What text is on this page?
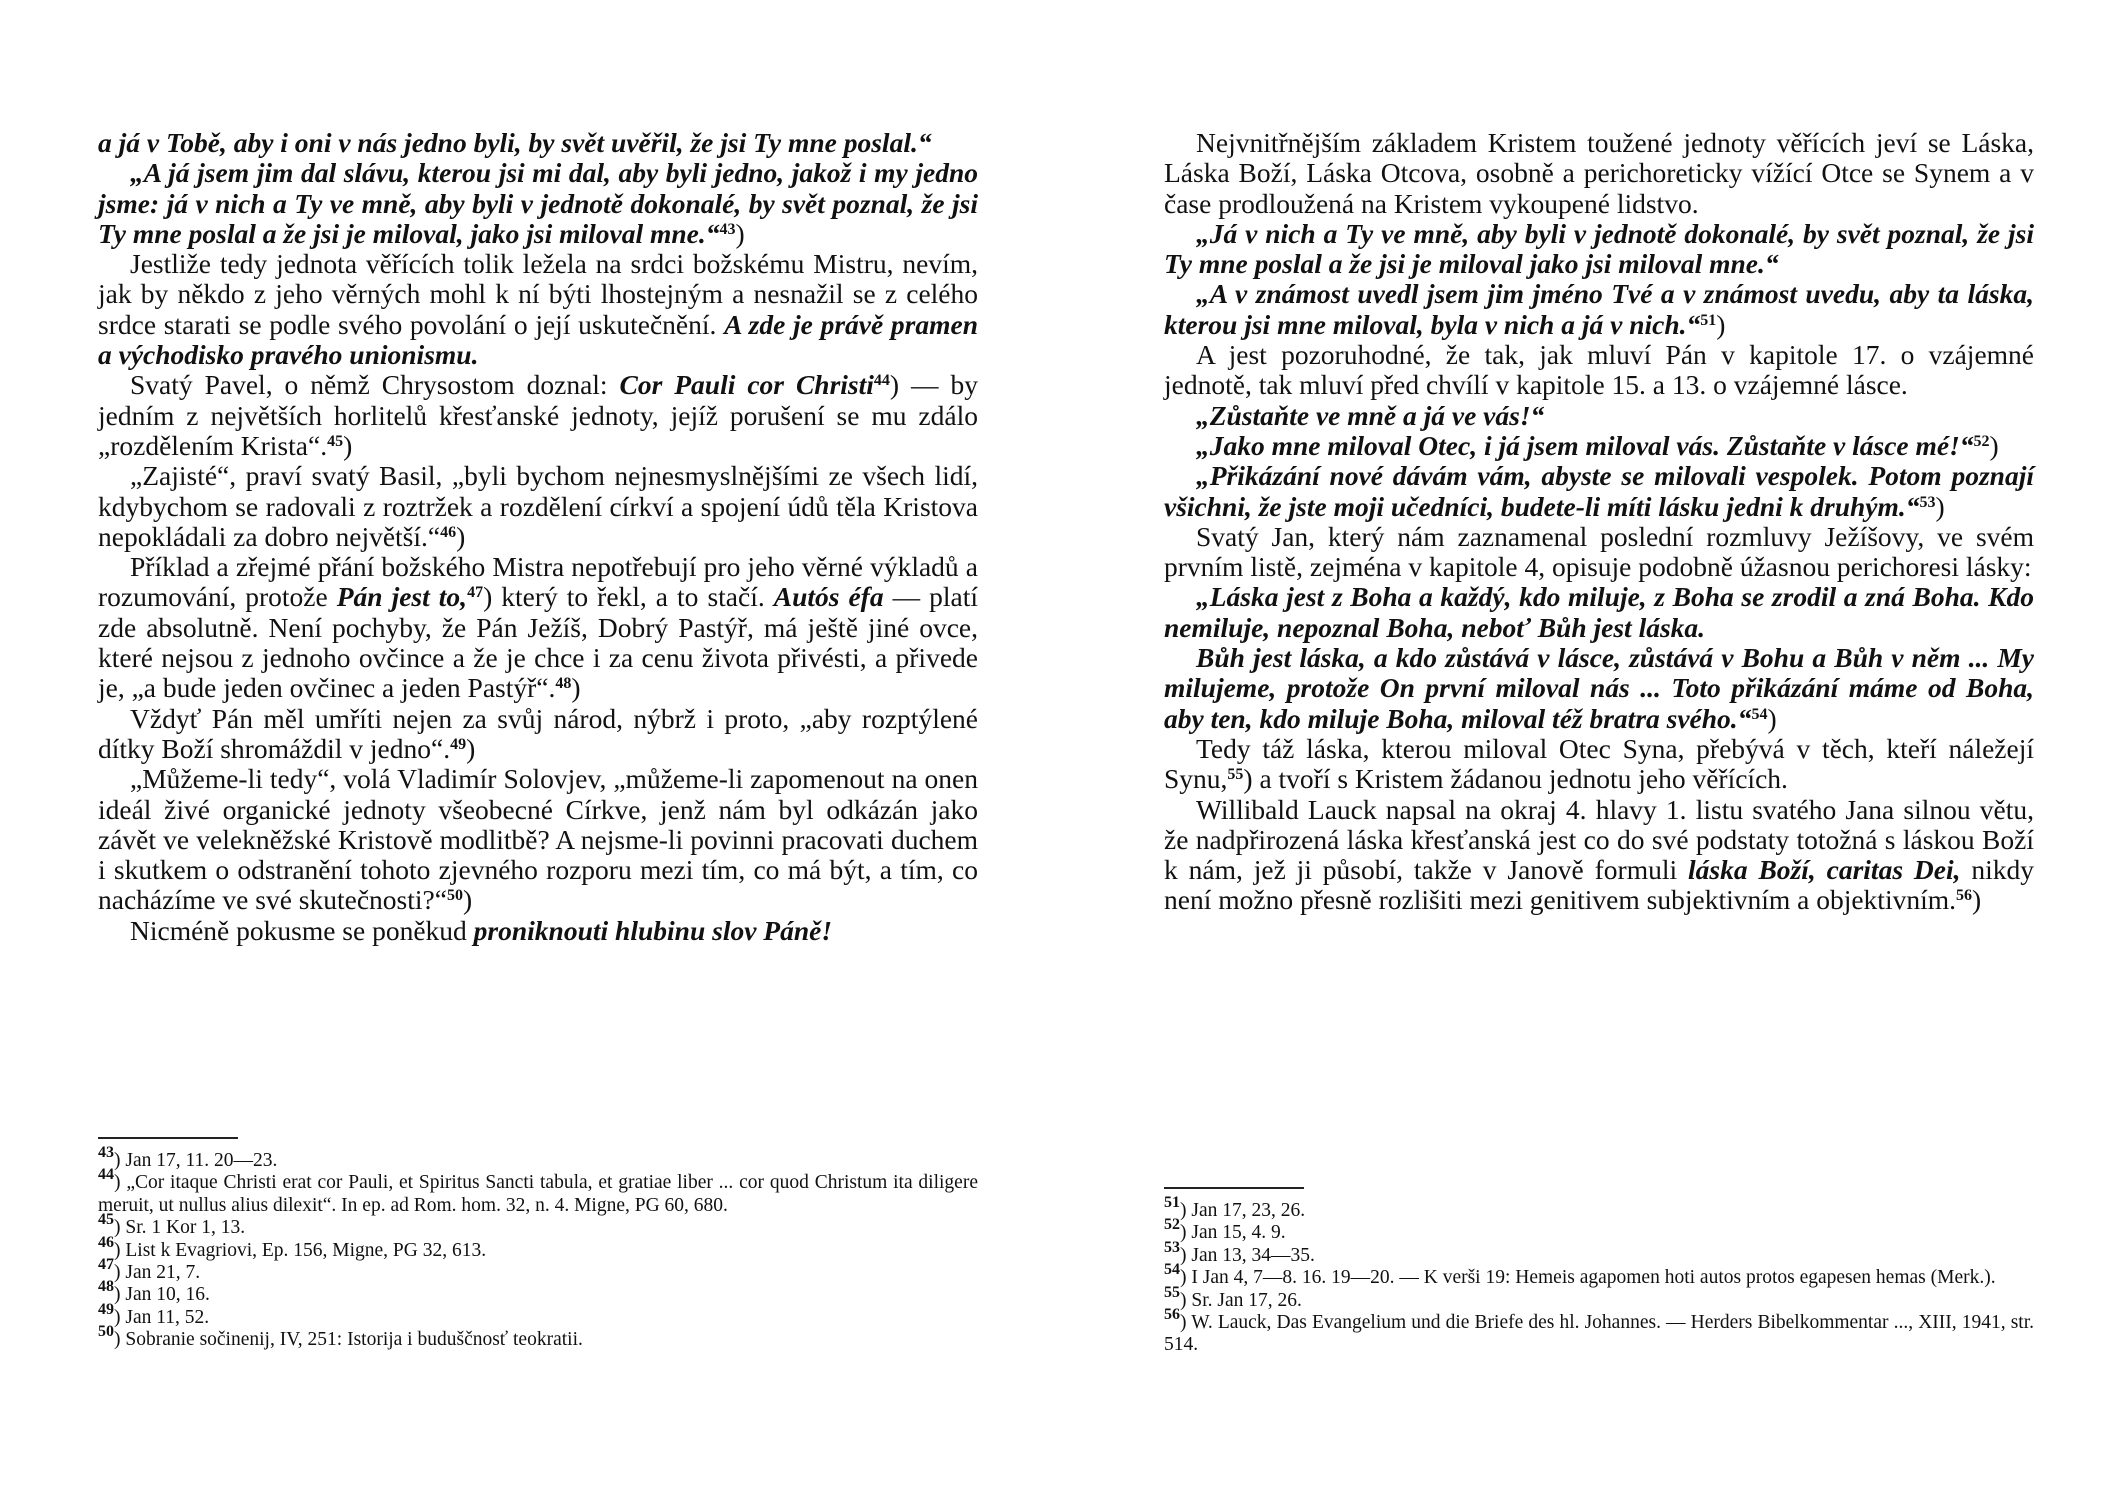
a já v Tobě, aby i oni v nás jedno byli, by svět uvěřil, že jsi Ty mne poslal.“

„A já jsem jim dal slávu, kterou jsi mi dal, aby byli jedno, jakož i my jedno jsme: já v nich a Ty ve mně, aby byli v jednotě dokonalé, by svět poznal, že jsi Ty mne poslal a že jsi je miloval, jako jsi miloval mne.“$^{43}$)

Jestliže tedy jednota věřících tolik ležela na srdci božskému Mistru, nevím, jak by někdo z jeho věrných mohl k ní býti lhostejným a nesnažil se z celého srdce starati se podle svého povolání o její uskutečnění. A zde je právě pramen a východisko pravého unionismu.

Svatý Pavel, o němž Chrysostom doznal: Cor Pauli cor Christi$^{44}$) — by jedním z největších horlitelů křesťanské jednoty, jejíž porušení se mu zdálo „rozdělením Krista“.$^{45}$)

„Zajisté“, praví svatý Basil, „byli bychom nejnesmyslnějšími ze všech lidí, kdybychom se radovali z roztržek a rozdělení církví a spojení údů těla Kristova nepokládali za dobro největší.“$^{46}$)

Příklad a zřejmé přání božského Mistra nepotřebují pro jeho věrné výkladů a rozumování, protože Pán jest to,$^{47}$) který to řekl, a to stačí. Autós éfa — platí zde absolutně. Není pochyby, že Pán Ježíš, Dobrý Pastýř, má ještě jiné ovce, které nejsou z jednoho ovčince a že je chce i za cenu života přivésti, a přivede je, „a bude jeden ovčinec a jeden Pastýř“.$^{48}$)

Vždyť Pán měl umříti nejen za svůj národ, nýbrž i proto, „aby rozptýlené dítky Boží shromáždil v jedno“.$^{49}$)

„Můžeme-li tedy“, volá Vladimír Solovjev, „můžeme-li zapomenout na onen ideál živé organické jednoty všeobecné Církve, jenž nám byl odkázán jako závět ve velekněžské Kristově modlitbě? A nejsme-li povinni pracovati duchem i skutkem o odstranění tohoto zjevného rozporu mezi tím, co má být, a tím, co nacházíme ve své skutečnosti?“$^{50}$)

Nicméně pokusme se poněkud proniknouti hlubinu slov Páně!

$^{43}$) Jan 17, 11. 20—23.
$^{44}$) „Cor itaque Christi erat cor Pauli, et Spiritus Sancti tabula, et gratiae liber ... cor quod Christum ita diligere meruit, ut nullus alius dilexit“. In ep. ad Rom. hom. 32, n. 4. Migne, PG 60, 680.
$^{45}$) Sr. 1 Kor 1, 13.
$^{46}$) List k Evagriovi, Ep. 156, Migne, PG 32, 613.
$^{47}$) Jan 21, 7.
$^{48}$) Jan 10, 16.
$^{49}$) Jan 11, 52.
$^{50}$) Sobranie sočinenij, IV, 251: Istorija i buduščnosť teokratii.

Nejvnitřnějším základem Kristem toužené jednoty věřících jeví se Láska, Láska Boží, Láska Otcova, osobně a perichoreticky vížící Otce se Synem a v čase prodloužená na Kristem vykoupené lidstvo.

„Já v nich a Ty ve mně, aby byli v jednotě dokonalé, by svět poznal, že jsi Ty mne poslal a že jsi je miloval jako jsi miloval mne.“

„A v známost uvedl jsem jim jméno Tvé a v známost uvedu, aby ta láska, kterou jsi mne miloval, byla v nich a já v nich.“$^{51}$)

A jest pozoruhodné, že tak, jak mluví Pán v kapitole 17. o vzájemné jednotě, tak mluví před chvílí v kapitole 15. a 13. o vzájemné lásce.

„Zůstaňte ve mně a já ve vás!“

„Jako mne miloval Otec, i já jsem miloval vás. Zůstaňte v lásce mé!“$^{52}$)

„Přikázání nové dávám vám, abyste se milovali vespolek. Potom poznají všichni, že jste moji učedníci, budete-li míti lásku jedni k druhým.“$^{53}$)

Svatý Jan, který nám zaznamenal poslední rozmluvy Ježíšovy, ve svém prvním listě, zejména v kapitole 4, opisuje podobně úžasnou perichoresi lásky:

„Láska jest z Boha a každý, kdo miluje, z Boha se zrodil a zná Boha. Kdo nemiluje, nepoznal Boha, neboť Bůh jest láska.

Bůh jest láska, a kdo zůstává v lásce, zůstává v Bohu a Bůh v něm ... My milujeme, protože On první miloval nás ... Toto přikázání máme od Boha, aby ten, kdo miluje Boha, miloval též bratra svého.“$^{54}$)

Tedy táž láska, kterou miloval Otec Syna, přebývá v těch, kteří náležejí Synu,$^{55}$) a tvoří s Kristem žádanou jednotu jeho věřících.

Willibald Lauck napsal na okraj 4. hlavy 1. listu svatého Jana silnou větu, že nadpřirozená láska křesťanská jest co do své podstaty totožná s láskou Boží k nám, jež ji působí, takže v Janově formuli láska Boží, caritas Dei, nikdy není možno přesně rozlišiti mezi genitivem subjektivním a objektivním.$^{56}$)

$^{51}$) Jan 17, 23, 26.
$^{52}$) Jan 15, 4. 9.
$^{53}$) Jan 13, 34—35.
$^{54}$) I Jan 4, 7—8. 16. 19—20. — K verši 19: Hemeis agapomen hoti autos protos egapesen hemas (Merk.).
$^{55}$) Sr. Jan 17, 26.
$^{56}$) W. Lauck, Das Evangelium und die Briefe des hl. Johannes. — Herders Bibelkommentar ..., XIII, 1941, str. 514.
